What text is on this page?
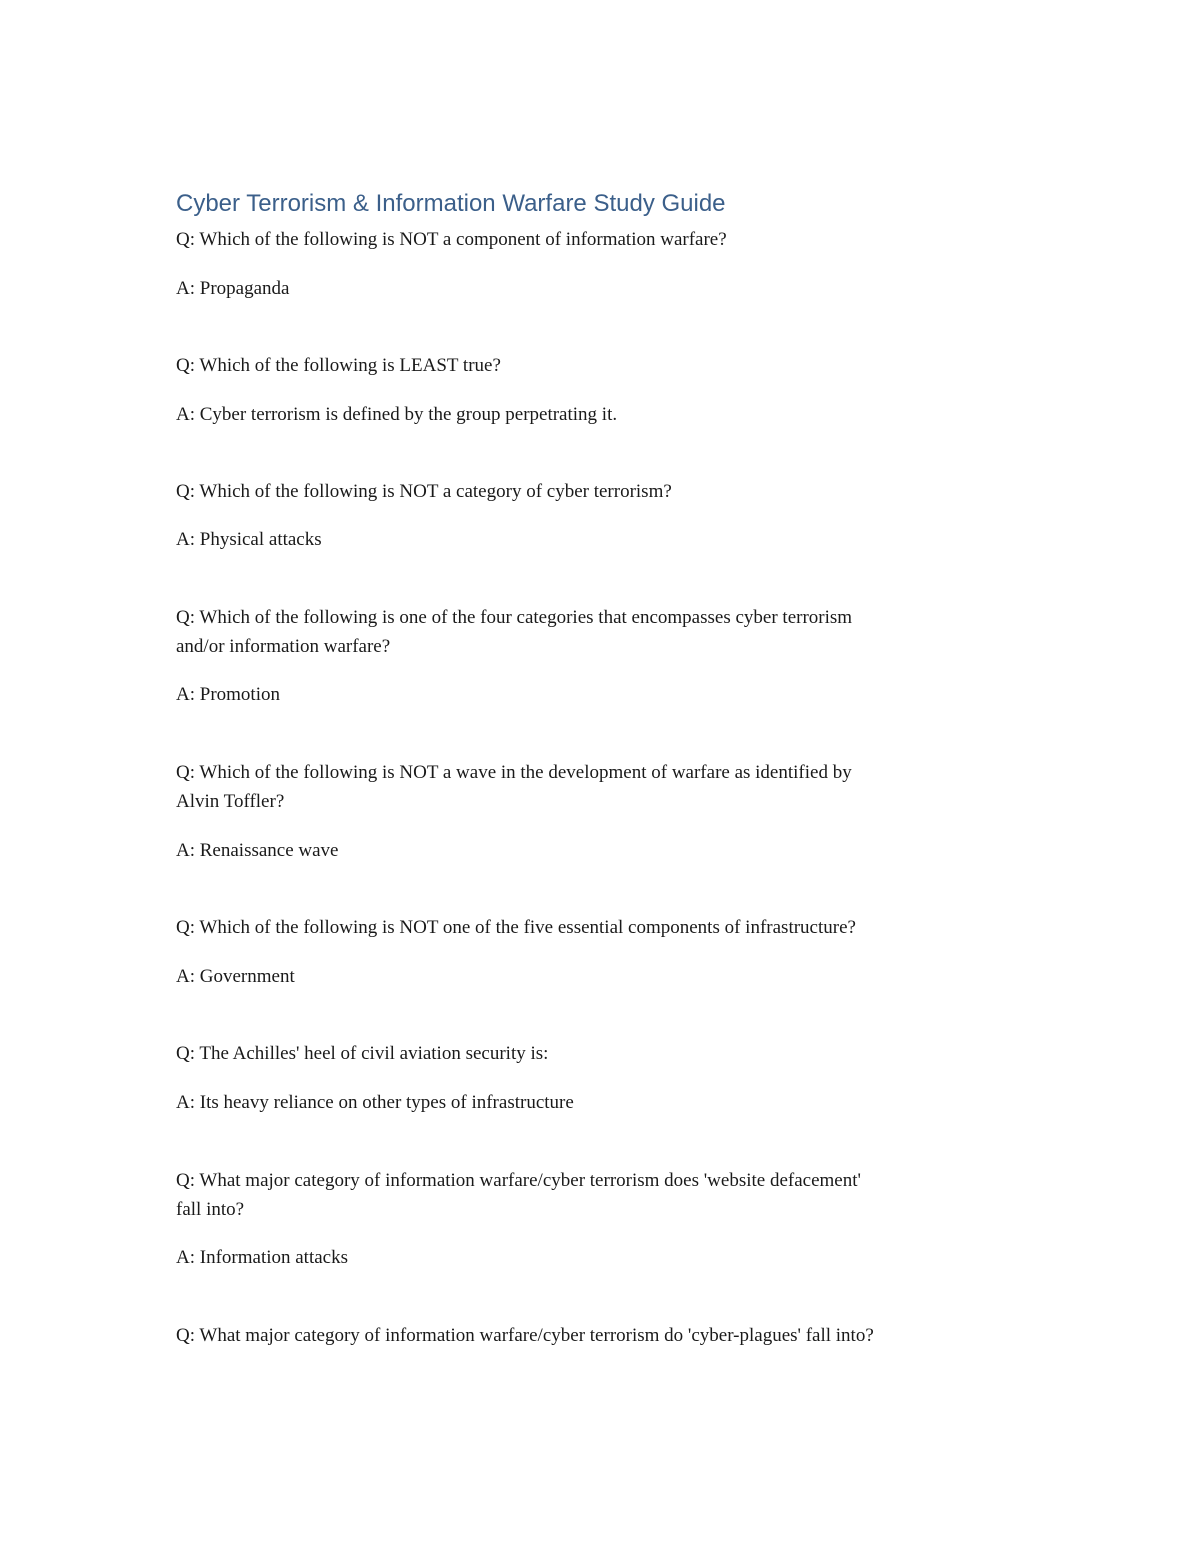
Cyber Terrorism & Information Warfare Study Guide

Q: Which of the following is NOT a component of information warfare?

A: Propaganda

Q: Which of the following is LEAST true?

A: Cyber terrorism is defined by the group perpetrating it.

Q: Which of the following is NOT a category of cyber terrorism?

A: Physical attacks

Q: Which of the following is one of the four categories that encompasses cyber terrorism

and/or information warfare?

A: Promotion

Q: Which of the following is NOT a wave in the development of warfare as identified by

Alvin Toffler?

A: Renaissance wave

Q: Which of the following is NOT one of the five essential components of infrastructure?

A: Government

Q: The Achilles' heel of civil aviation security is:

A: Its heavy reliance on other types of infrastructure

Q: What major category of information warfare/cyber terrorism does 'website defacement'

fall into?

A: Information attacks

Q: What major category of information warfare/cyber terrorism do 'cyber-plagues' fall into?
